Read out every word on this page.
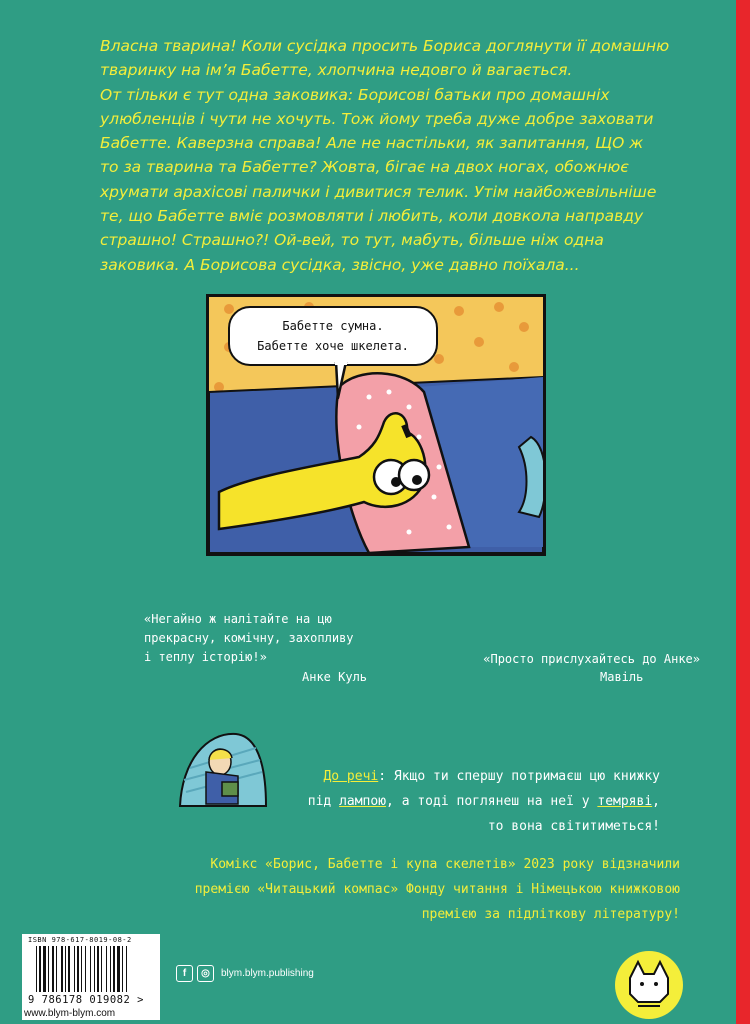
Власна тварина! Коли сусідка просить Бориса доглянути її домашню

тваринку на ім’я Бабетте, хлопчина недовго й вагається.

От тільки є тут одна заковика: Борисові батьки про домашніх

улюбленців і чути не хочуть. Тож йому треба дуже добре заховати

Бабетте. Каверзна справа! Але не настільки, як запитання, ЩО ж

то за тварина та Бабетте? Жовта, бігає на двох ногах, обожнює

хрумати арахісові палички і дивитися телик. Утім найбожевільніше

те, що Бабетте вміє розмовляти і любить, коли довкола направду

страшно! Страшно?! Ой-вей, то тут, мабуть, більше ніж одна

заковика. А Борисова сусідка, звісно, уже давно поїхала...

Бабетте сумна.
Бабетте хоче шкелета.
«Негайно ж налітайте на цю
прекрасну, комічну, захопливу
і теплу історію!»
Анке Куль
«Просто прислухайтесь до Анке»
Мавіль
До речі: Якщо ти спершу потримаєш цю книжку
під лампою, а тоді поглянеш на неї у темряві,
то вона світитиметься!
Комікс «Борис, Бабетте і купа скелетів» 2023 року відзначили
премією «Читацький компас» Фонду читання і Німецькою книжковою
премією за підліткову літературу!
ISBN 978-617-8019-08-2
9 786178 019082 >
www.blym-blym.com
f	◎	blym.blym.publishing
